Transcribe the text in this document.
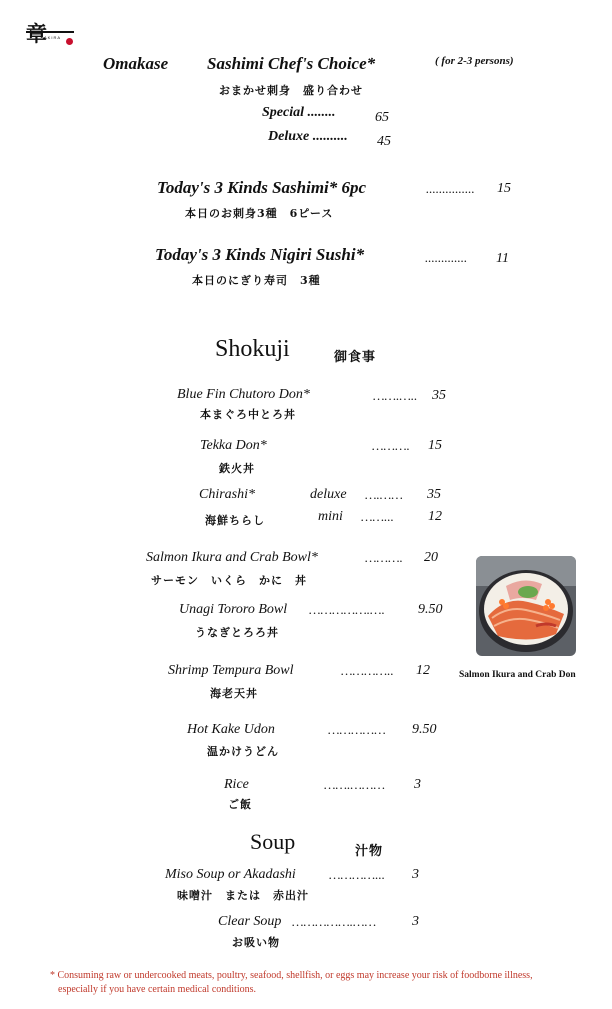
章
AKIRA
Omakase Sashimi Chef's Choice*	( for 2-3 persons)
おまかせ刺身　盛り合わせ
Special ........	65
Deluxe .......... 45
Today's 3 Kinds Sashimi* 6pc	............... 15
本日のお刺身3種　6ピース
Today's 3 Kinds Nigiri Sushi*	............. 11
本日のにぎり寿司　3種
Shokuji	御食事
Blue Fin Chutoro Don*	…….….. 35
本まぐろ中とろ丼
Tekka Don*	………. 15
鉄火丼
Chirashi*	deluxe ….…… 35
海鮮ちらし	mini ……... 12
Salmon Ikura and Crab Bowl*	………. 20
サーモン　いくら　かに　丼
Unagi Tororo Bowl …………….…. 9.50
うなぎとろろ丼
Shrimp Tempura Bowl	………….. 12
海老天丼
Hot Kake Udon	…………… 9.50
温かけうどん
Rice	…….……… 3
ご飯
Salmon Ikura and Crab Don
Soup	汁物
Miso Soup or Akadashi	…………... 3
味噌汁　または　赤出汁
Clear Soup …………….……	3
お吸い物
* Consuming raw or undercooked meats, poultry, seafood, shellfish, or eggs may increase your risk of foodborne illness,
especially if you have certain medical conditions.
